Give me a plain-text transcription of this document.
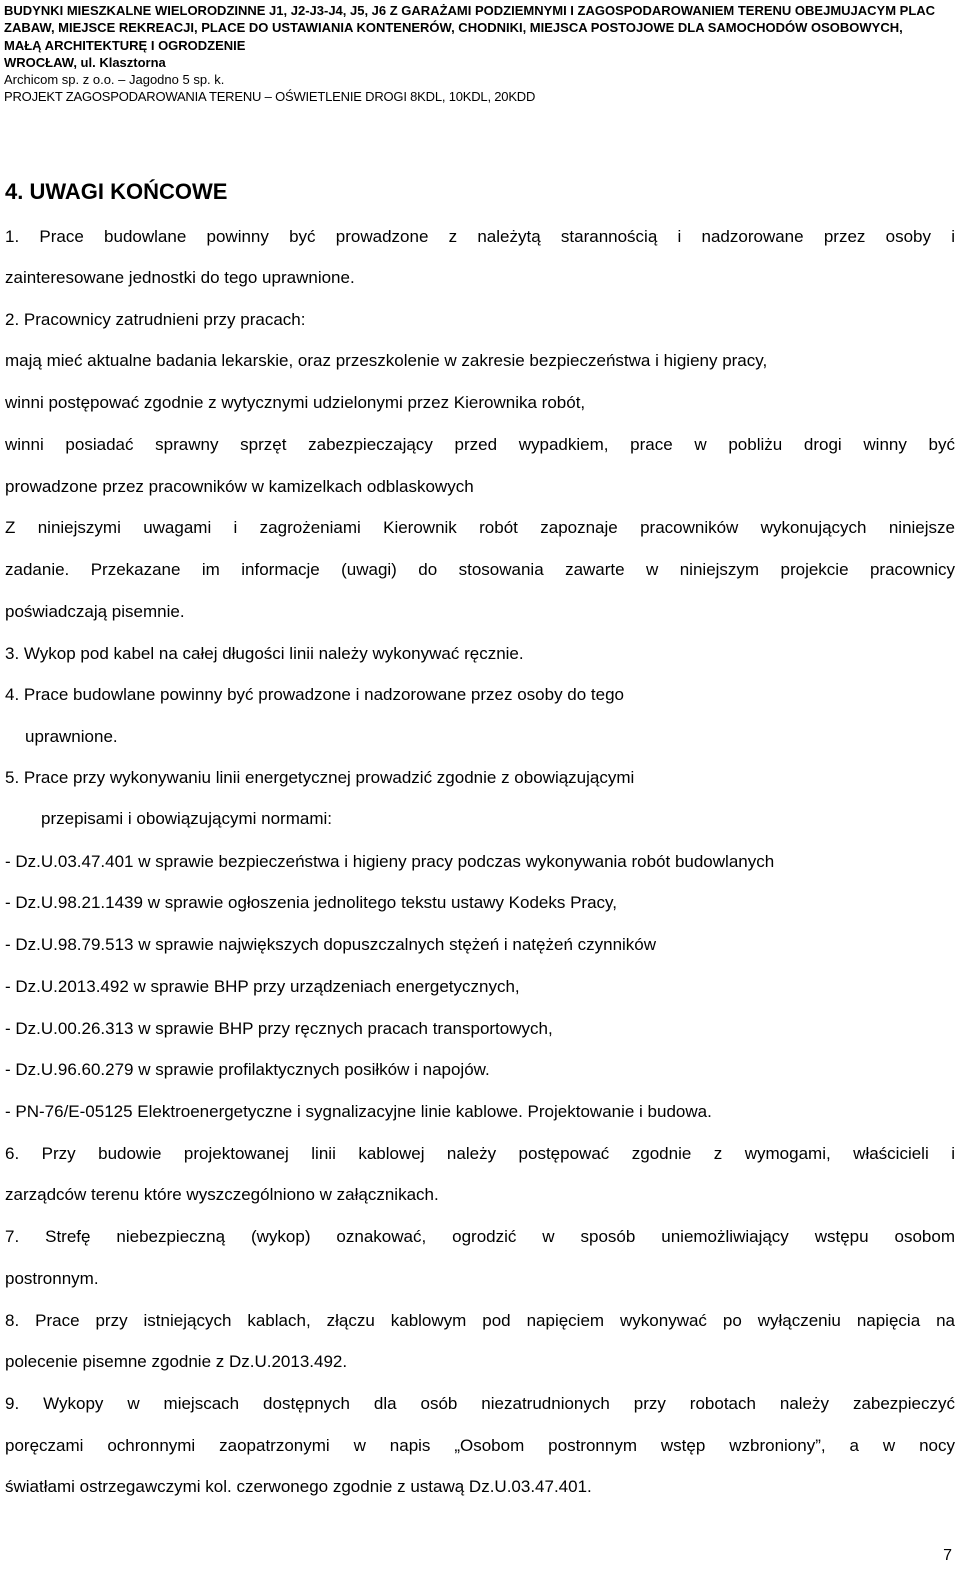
BUDYNKI MIESZKALNE WIELORODZINNE J1, J2-J3-J4, J5, J6 Z GARAŻAMI PODZIEMNYMI I ZAGOSPODAROWANIEM TERENU OBEJMUJACYM PLAC
ZABAW, MIEJSCE REKREACJI, PLACE DO USTAWIANIA KONTENERÓW, CHODNIKI, MIEJSCA POSTOJOWE DLA SAMOCHODÓW OSOBOWYCH,
MAŁĄ ARCHITEKTURĘ I OGRODZENIE
WROCŁAW, ul. Klasztorna
Archicom sp. z o.o. – Jagodno 5 sp. k.
PROJEKT ZAGOSPODAROWANIA TERENU – OŚWIETLENIE DROGI 8KDL, 10KDL, 20KDD
4. UWAGI KOŃCOWE
1. Prace budowlane powinny być prowadzone z należytą starannością i nadzorowane przez osoby i
zainteresowane jednostki do tego uprawnione.
2. Pracownicy zatrudnieni przy pracach:
mają mieć aktualne badania lekarskie, oraz przeszkolenie w zakresie bezpieczeństwa i higieny pracy,
winni postępować zgodnie z wytycznymi udzielonymi przez Kierownika robót,
winni posiadać sprawny sprzęt zabezpieczający przed wypadkiem, prace w pobliżu drogi winny być
prowadzone przez pracowników w kamizelkach odblaskowych
Z niniejszymi uwagami i zagrożeniami Kierownik robót zapoznaje pracowników wykonujących niniejsze
zadanie. Przekazane im informacje (uwagi) do stosowania zawarte w niniejszym projekcie pracownicy
poświadczają pisemnie.
3. Wykop pod kabel na całej długości linii należy wykonywać ręcznie.
4. Prace budowlane powinny być prowadzone i nadzorowane przez osoby do tego
uprawnione.
5. Prace przy wykonywaniu linii energetycznej prowadzić zgodnie z obowiązującymi
przepisami i obowiązującymi normami:
- Dz.U.03.47.401 w sprawie bezpieczeństwa i higieny pracy podczas wykonywania robót budowlanych
- Dz.U.98.21.1439 w sprawie ogłoszenia jednolitego tekstu ustawy Kodeks Pracy,
- Dz.U.98.79.513 w sprawie największych dopuszczalnych stężeń i natężeń czynników
- Dz.U.2013.492 w sprawie BHP przy urządzeniach energetycznych,
- Dz.U.00.26.313 w sprawie BHP przy ręcznych pracach transportowych,
- Dz.U.96.60.279 w sprawie profilaktycznych posiłków i napojów.
- PN-76/E-05125 Elektroenergetyczne i sygnalizacyjne linie kablowe. Projektowanie i budowa.
6. Przy budowie projektowanej linii kablowej należy postępować zgodnie z wymogami, właścicieli i
zarządców terenu które wyszczególniono w załącznikach.
7. Strefę niebezpieczną (wykop) oznakować, ogrodzić w sposób uniemożliwiający wstępu osobom
postronnym.
8. Prace przy istniejących kablach, złączu kablowym pod napięciem wykonywać po wyłączeniu napięcia na
polecenie pisemne zgodnie z Dz.U.2013.492.
9. Wykopy w miejscach dostępnych dla osób niezatrudnionych przy robotach należy zabezpieczyć
poręczami ochronnymi zaopatrzonymi w napis „Osobom postronnym wstęp wzbroniony”, a w nocy
światłami ostrzegawczymi kol. czerwonego zgodnie z ustawą Dz.U.03.47.401.
7
